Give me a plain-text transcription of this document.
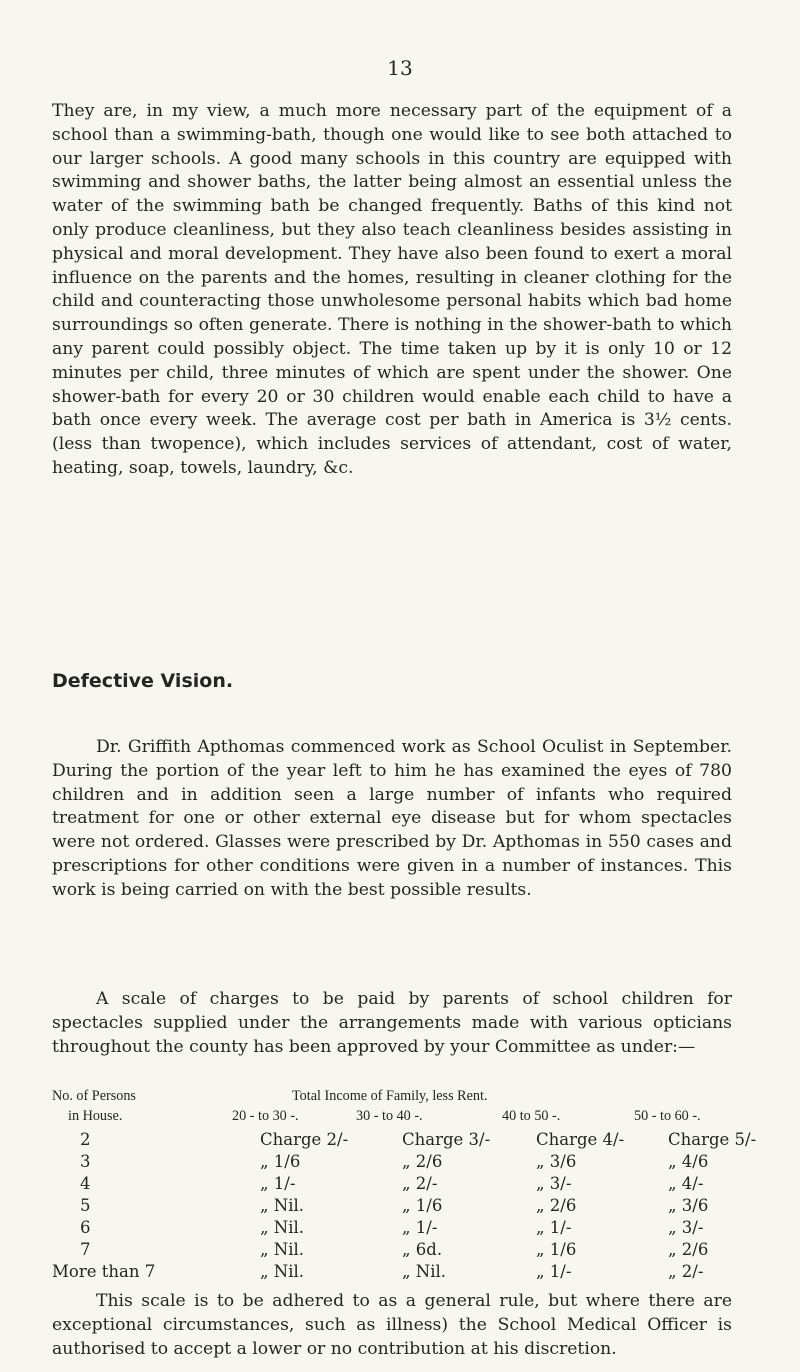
13

They are, in my view, a much more necessary part of the equipment of a school than a swimming-bath, though one would like to see both attached to our larger schools. A good many schools in this country are equipped with swimming and shower baths, the latter being almost an essential unless the water of the swimming bath be changed frequently. Baths of this kind not only produce cleanliness, but they also teach cleanliness besides assisting in physical and moral development. They have also been found to exert a moral influence on the parents and the homes, resulting in cleaner clothing for the child and counteracting those unwholesome personal habits which bad home surroundings so often generate. There is nothing in the shower-bath to which any parent could possibly object. The time taken up by it is only 10 or 12 minutes per child, three minutes of which are spent under the shower. One shower-bath for every 20 or 30 children would enable each child to have a bath once every week. The average cost per bath in America is 3½ cents. (less than twopence), which includes services of attendant, cost of water, heating, soap, towels, laundry, &c.

Defective Vision.

Dr. Griffith Apthomas commenced work as School Oculist in September. During the portion of the year left to him he has examined the eyes of 780 children and in addition seen a large number of infants who required treatment for one or other external eye disease but for whom spectacles were not ordered. Glasses were prescribed by Dr. Apthomas in 550 cases and prescriptions for other conditions were given in a number of instances. This work is being carried on with the best possible results.

A scale of charges to be paid by parents of school children for spectacles supplied under the arrangements made with various opticians throughout the county has been approved by your Committee as under:—

No. of Persons	Total Income of Family, less Rent.
in House.	20 - to 30 -.	30 - to 40 -.	40 to 50 -.	50 - to 60 -.
2	Charge 2/-	Charge 3/-	Charge 4/-	Charge 5/-
3	„ 1/6	„ 2/6	„ 3/6	„ 4/6
4	„ 1/-	„ 2/-	„ 3/-	„ 4/-
5	„ Nil.	„ 1/6	„ 2/6	„ 3/6
6	„ Nil.	„ 1/-	„ 1/-	„ 3/-
7	„ Nil.	„ 6d.	„ 1/6	„ 2/6
More than 7	„ Nil.	„ Nil.	„ 1/-	„ 2/-

This scale is to be adhered to as a general rule, but where there are exceptional circumstances, such as illness) the School Medical Officer is authorised to accept a lower or no contribution at his discretion.
